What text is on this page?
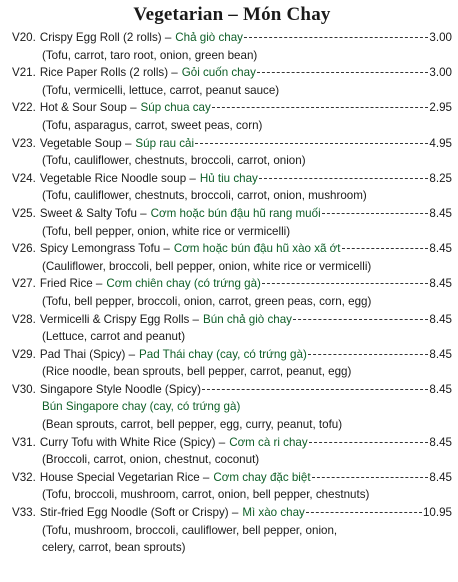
Vegetarian – Món Chay
V20. Crispy Egg Roll (2 rolls) – Chả giò chay	3.00
(Tofu, carrot, taro root, onion, green bean)
V21. Rice Paper Rolls (2 rolls) – Gỏi cuốn chay	3.00
(Tofu, vermicelli, lettuce, carrot, peanut sauce)
V22. Hot & Sour Soup – Súp chua cay	2.95
(Tofu, asparagus, carrot, sweet peas, corn)
V23. Vegetable Soup – Súp rau cải	4.95
(Tofu, cauliflower, chestnuts, broccoli, carrot, onion)
V24. Vegetable Rice Noodle soup – Hủ tiu chay	8.25
(Tofu, cauliflower, chestnuts, broccoli, carrot, onion, mushroom)
V25. Sweet & Salty Tofu – Cơm hoặc bún đậu hũ rang muối	8.45
(Tofu, bell pepper, onion, white rice or vermicelli)
V26. Spicy Lemongrass Tofu – Cơm hoặc bún đậu hũ xào xã ớt	8.45
(Cauliflower, broccoli, bell pepper, onion, white rice or vermicelli)
V27. Fried Rice – Cơm chiên chay (có trứng gà)	8.45
(Tofu, bell pepper, broccoli, onion, carrot, green peas, corn, egg)
V28. Vermicelli & Crispy Egg Rolls – Bún chả giò chay	8.45
(Lettuce, carrot and peanut)
V29. Pad Thai (Spicy) – Pad Thái chay (cay, có trứng gà)	8.45
(Rice noodle, bean sprouts, bell pepper, carrot, peanut, egg)
V30. Singapore Style Noodle (Spicy)	8.45
Bún Singapore chay (cay, có trứng gà)
(Bean sprouts, carrot, bell pepper, egg, curry, peanut, tofu)
V31. Curry Tofu with White Rice (Spicy) – Cơm cà ri chay	8.45
(Broccoli, carrot, onion, chestnut, coconut)
V32. House Special Vegetarian Rice – Cơm chay đặc biệt	8.45
(Tofu, broccoli, mushroom, carrot, onion, bell pepper, chestnuts)
V33. Stir-fried Egg Noodle (Soft or Crispy) – Mì xào chay	10.95
(Tofu, mushroom, broccoli, cauliflower, bell pepper, onion,
celery, carrot, bean sprouts)
